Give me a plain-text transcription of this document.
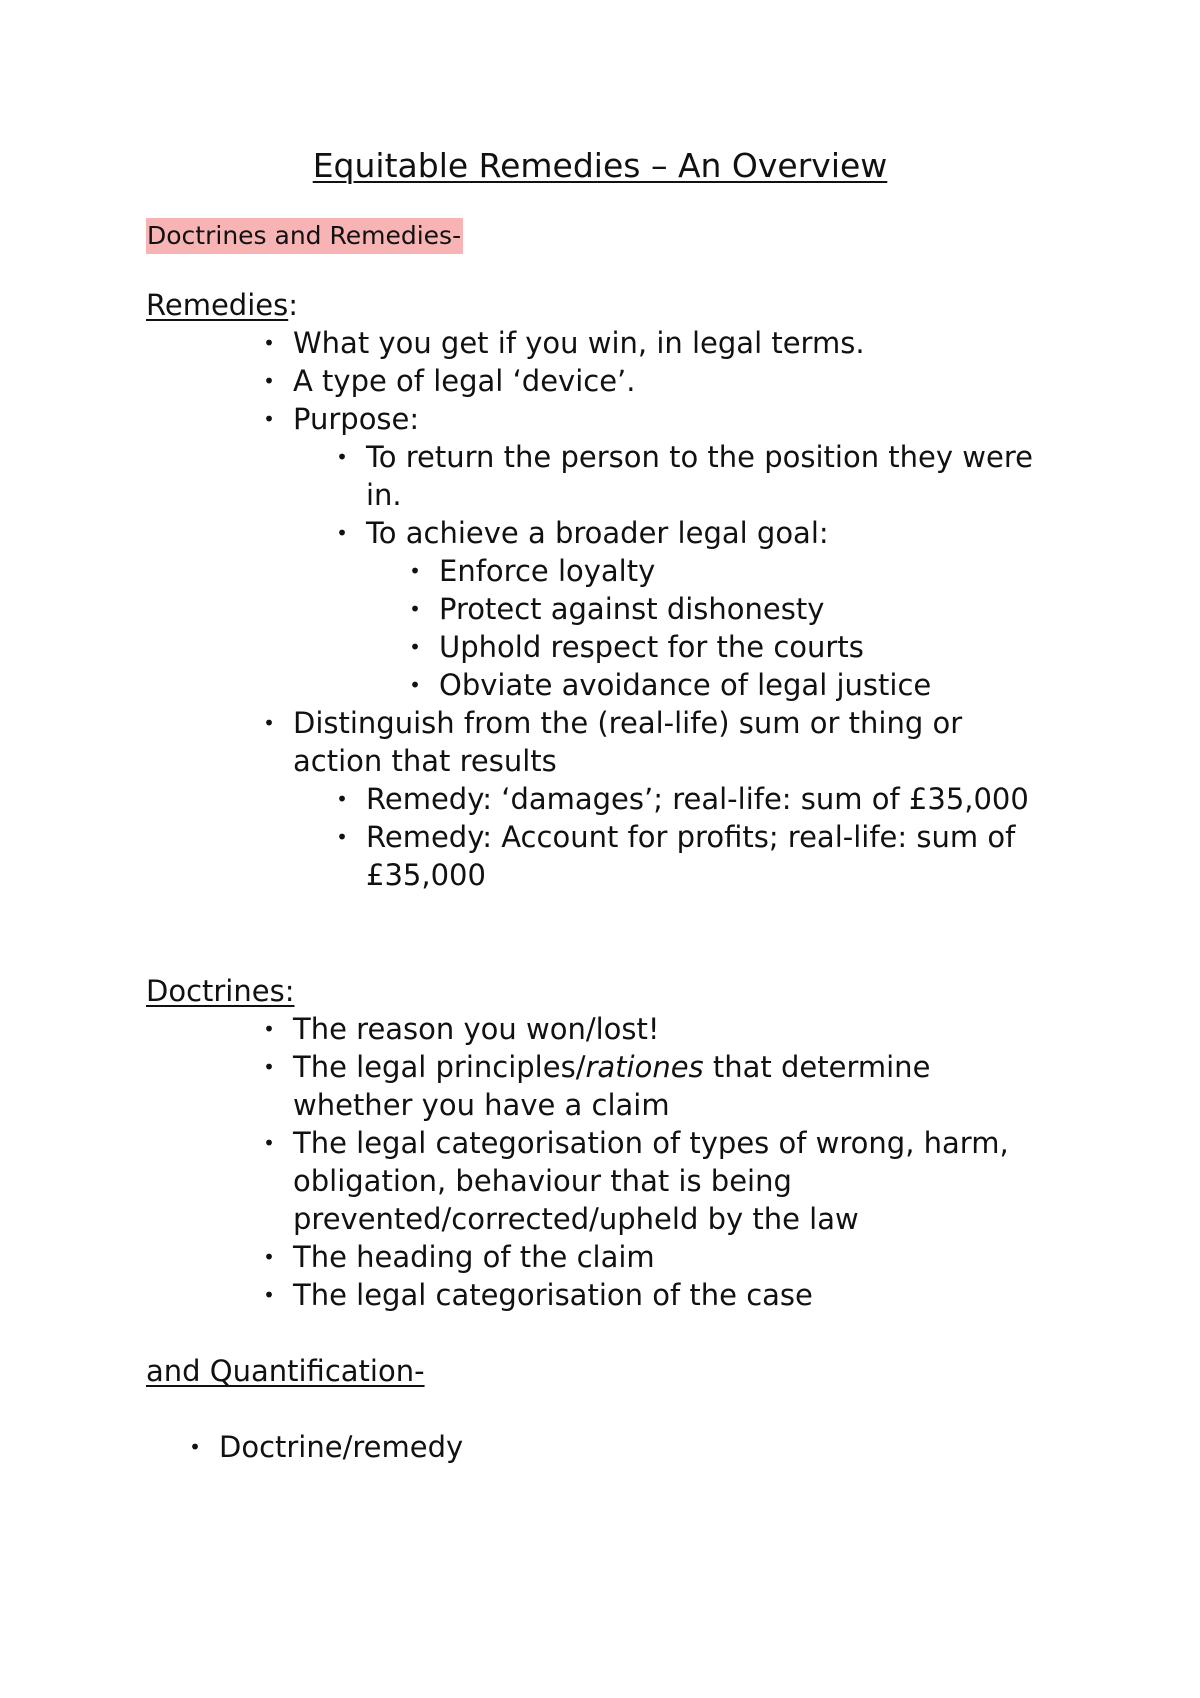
Equitable Remedies – An Overview
Doctrines and Remedies-

Remedies:

• What you get if you win, in legal terms.
• A type of legal ‘device’.
• Purpose:
• To return the person to the position they were in.
• To achieve a broader legal goal:
• Enforce loyalty
• Protect against dishonesty
• Uphold respect for the courts
• Obviate avoidance of legal justice
• Distinguish from the (real-life) sum or thing or action that results
• Remedy: ‘damages’; real-life: sum of £35,000
• Remedy: Account for profits; real-life: sum of £35,000

Doctrines:

• The reason you won/lost!
• The legal principles/rationes that determine whether you have a claim
• The legal categorisation of types of wrong, harm, obligation, behaviour that is being prevented/corrected/upheld by the law
• The heading of the claim
• The legal categorisation of the case

and Quantification-

• Doctrine/remedy
